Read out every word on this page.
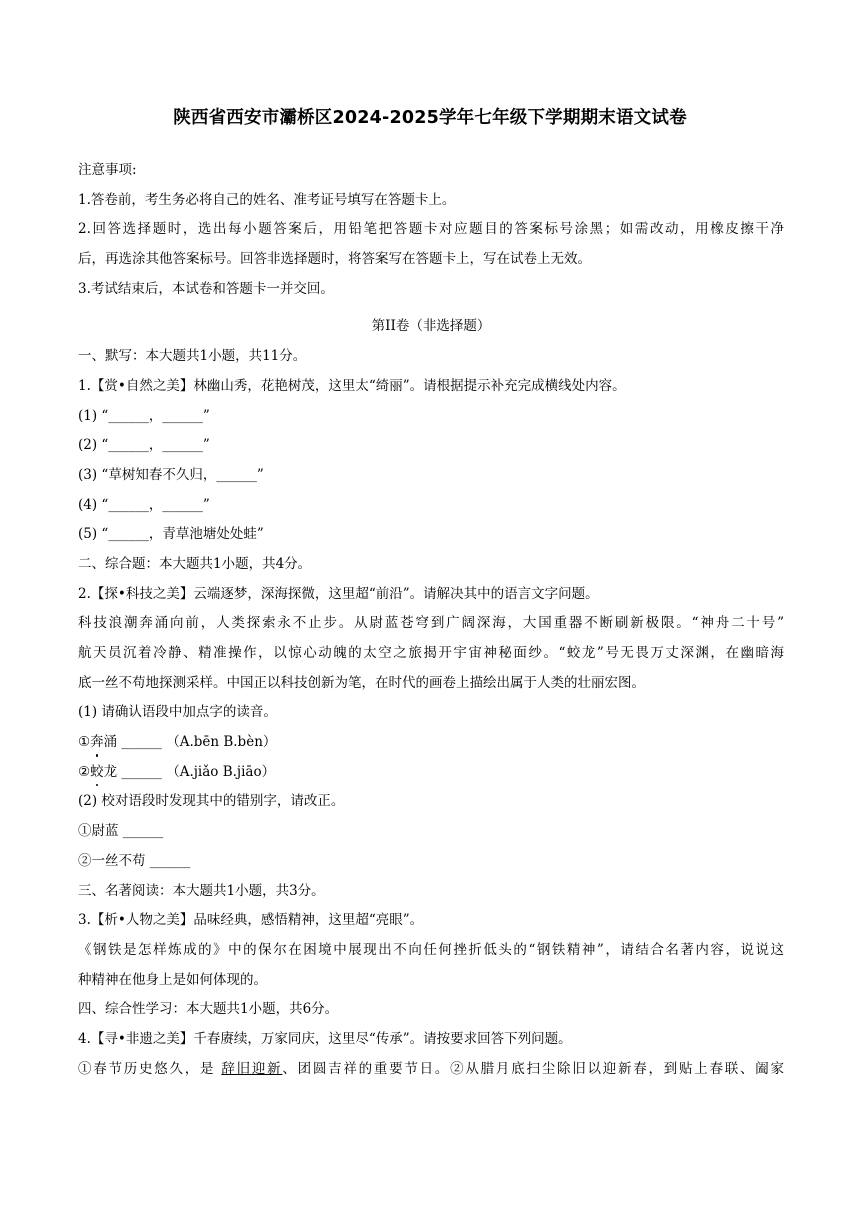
陕西省西安市灞桥区2024-2025学年七年级下学期期末语文试卷
注意事项:
1.答卷前，考生务必将自己的姓名、准考证号填写在答题卡上。
2.回答选择题时，选出每小题答案后，用铅笔把答题卡对应题目的答案标号涂黑；如需改动，用橡皮擦干净
后，再选涂其他答案标号。回答非选择题时，将答案写在答题卡上，写在试卷上无效。
3.考试结束后，本试卷和答题卡一并交回。
第II卷（非选择题）
一、默写：本大题共1小题，共11分。
1.【赏•自然之美】林幽山秀，花艳树茂，这里太“绮丽”。请根据提示补充完成横线处内容。
(1) “______，______”
(2) “______，______”
(3) “草树知春不久归，______”
(4) “______，______”
(5) “______，青草池塘处处蛙”
二、综合题：本大题共1小题，共4分。
2.【探•科技之美】云端逐梦，深海探微，这里超“前沿”。请解决其中的语言文字问题。
科技浪潮奔涌向前，人类探索永不止步。从尉蓝苍穹到广阔深海，大国重器不断刷新极限。“神舟二十号”
航天员沉着冷静、精准操作，以惊心动魄的太空之旅揭开宇宙神秘面纱。“蛟龙”号无畏万丈深渊，在幽暗海
底一丝不苟地探测采样。中国正以科技创新为笔，在时代的画卷上描绘出属于人类的壮丽宏图。
(1) 请确认语段中加点字的读音。
①奔涌 ______ （A.bēn B.bèn）
②蛟龙 ______ （A.jiǎo B.jiāo）
(2) 校对语段时发现其中的错别字，请改正。
①尉蓝 ______
②一丝不苟 ______
三、名著阅读：本大题共1小题，共3分。
3.【析•人物之美】品味经典，感悟精神，这里超“亮眼”。
《钢铁是怎样炼成的》中的保尔在困境中展现出不向任何挫折低头的“钢铁精神”，请结合名著内容，说说这
种精神在他身上是如何体现的。
四、综合性学习：本大题共1小题，共6分。
4.【寻•非遗之美】千春赓续，万家同庆，这里尽“传承”。请按要求回答下列问题。
①春节历史悠久，是 辞旧迎新、团圆吉祥的重要节日。②从腊月底扫尘除旧以迎新春，到贴上春联、阖家
